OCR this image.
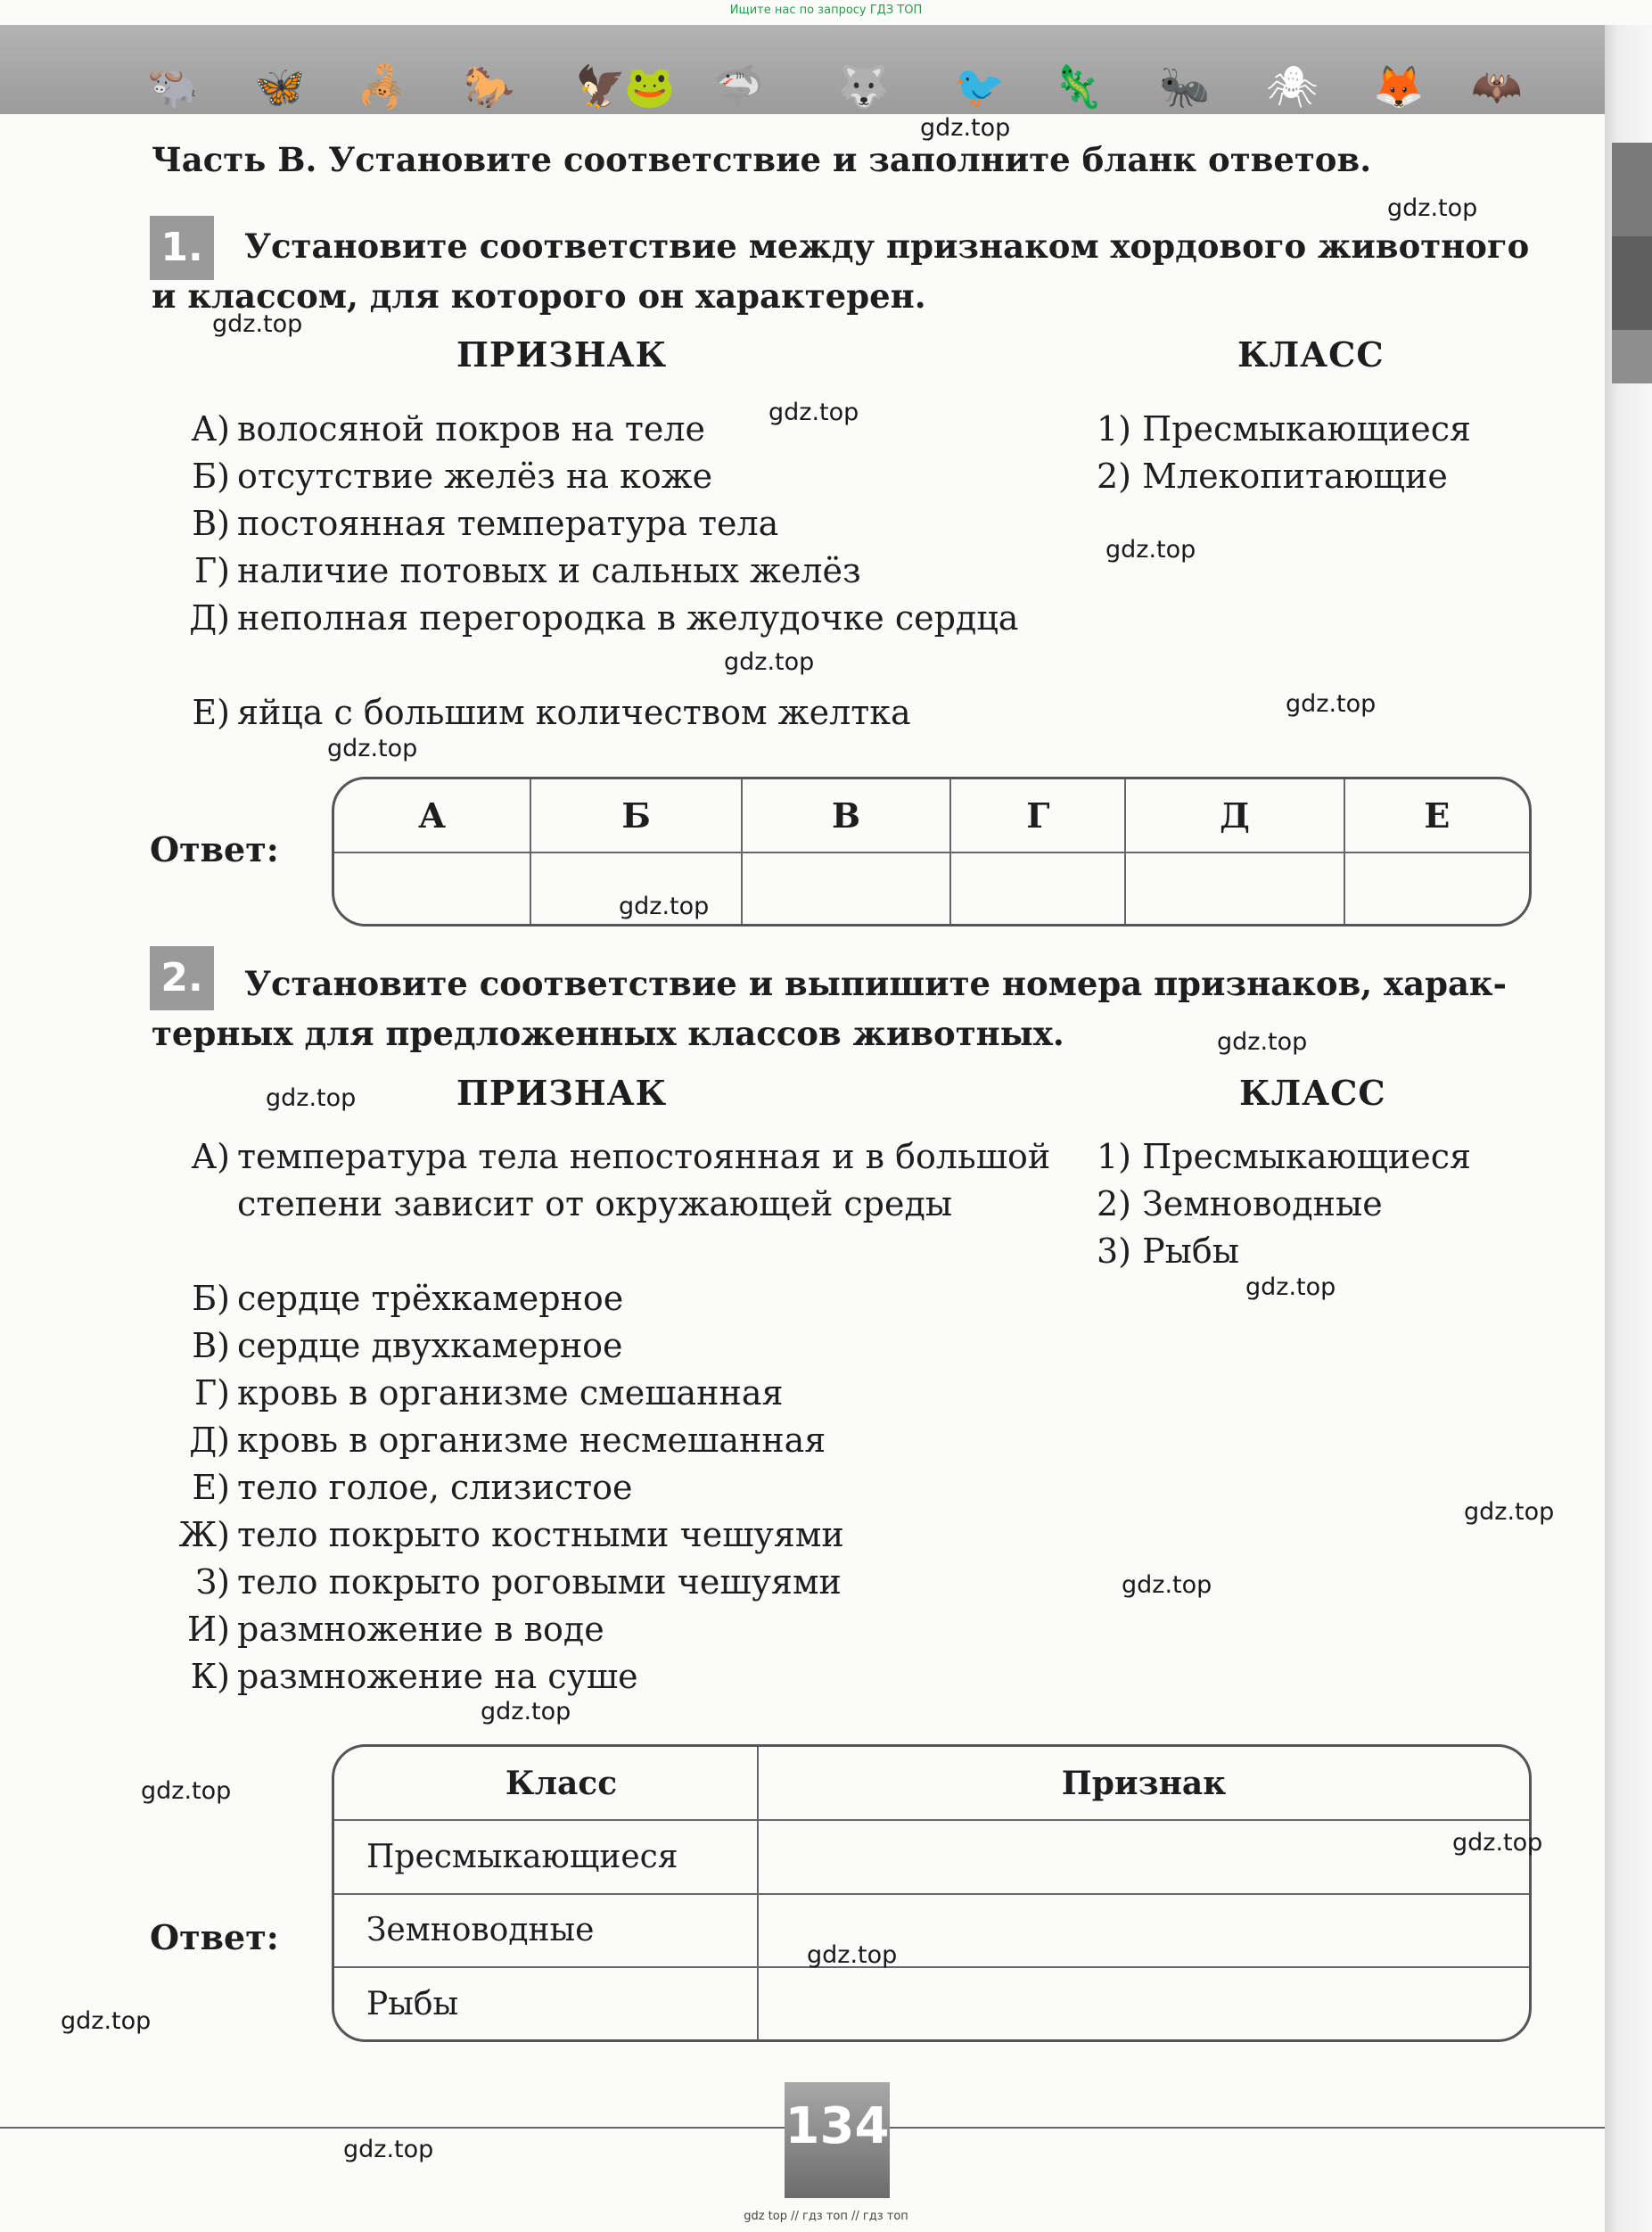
Ищите нас по запросу ГДЗ ТОП
🐃 🦋 🦂 🐎 🦅
🐸 🦈 🐺 🐦 🦎 🐜 🕷 🦊 🦇
Часть В. Установите соответствие и заполните бланк ответов.
1.	Установите соответствие между признаком хордового животного и классом, для которого он характерен.
ПРИЗНАК	КЛАСС
А) волосяной покров на теле
Б) отсутствие желёз на коже
В) постоянная температура тела
Г) наличие потовых и сальных желёз
Д) неполная перегородка в желудочке сердца
Е) яйца с большим количеством желтка
1) Пресмыкающиеся
2) Млекопитающие
Ответ:
А	Б	В	Г	Д	Е

2.	Установите соответствие и выпишите номера признаков, характерных для предложенных классов животных.
ПРИЗНАК	КЛАСС
А) температура тела непостоянная и в большой степени зависит от окружающей среды
Б) сердце трёхкамерное
В) сердце двухкамерное
Г) кровь в организме смешанная
Д) кровь в организме несмешанная
Е) тело голое, слизистое
Ж) тело покрыто костными чешуями
З) тело покрыто роговыми чешуями
И) размножение в воде
К) размножение на суше
1) Пресмыкающиеся
2) Земноводные
3) Рыбы
Ответ:
Класс	Признак
Пресмыкающиеся	
Земноводные	
Рыбы	
gdz.top
gdz.top
gdz.top
gdz.top
gdz.top
gdz.top
gdz.top
gdz.top
gdz.top
gdz.top
gdz.top
gdz.top
gdz.top
gdz.top
gdz.top
gdz.top
gdz.top
gdz.top
gdz.top
gdz.top	134
gdz top // гдз топ // гдз топ
